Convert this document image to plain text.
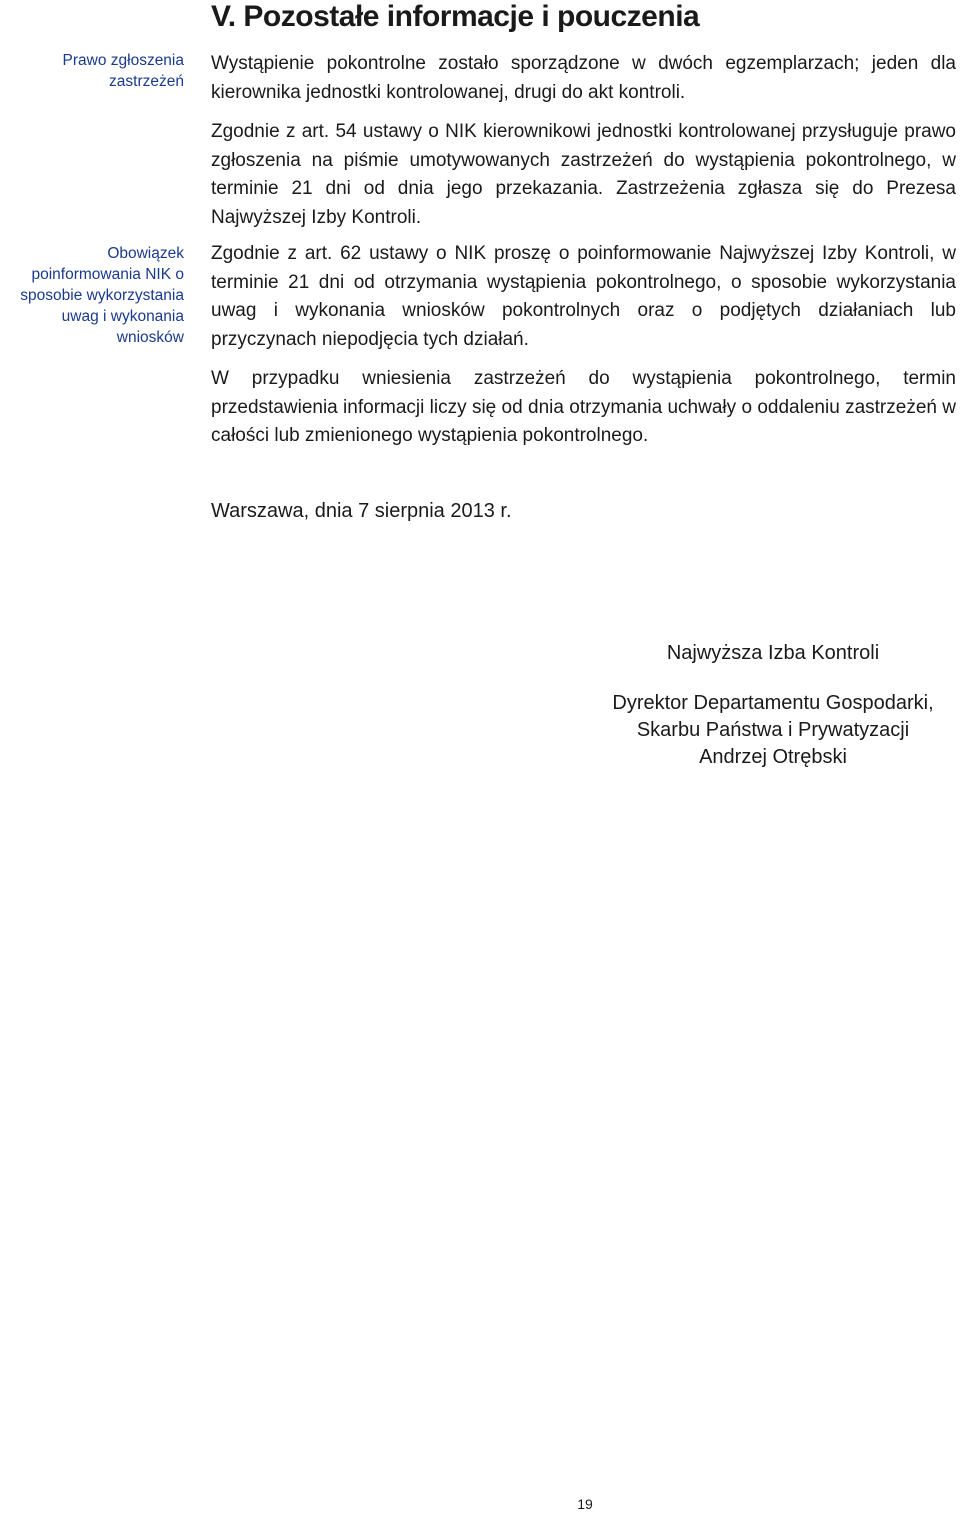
V. Pozostałe informacje i pouczenia
Prawo zgłoszenia zastrzeżeń
Obowiązek poinformowania NIK o sposobie wykorzystania uwag i wykonania wniosków

Wystąpienie pokontrolne zostało sporządzone w dwóch egzemplarzach; jeden dla kierownika jednostki kontrolowanej, drugi do akt kontroli.

Zgodnie z art. 54 ustawy o NIK kierownikowi jednostki kontrolowanej przysługuje prawo zgłoszenia na piśmie umotywowanych zastrzeżeń do wystąpienia pokontrolnego, w terminie 21 dni od dnia jego przekazania. Zastrzeżenia zgłasza się do Prezesa Najwyższej Izby Kontroli.

Zgodnie z art. 62 ustawy o NIK proszę o poinformowanie Najwyższej Izby Kontroli, w terminie 21 dni od otrzymania wystąpienia pokontrolnego, o sposobie wykorzystania uwag i wykonania wniosków pokontrolnych oraz o podjętych działaniach lub przyczynach niepodjęcia tych działań.

W przypadku wniesienia zastrzeżeń do wystąpienia pokontrolnego, termin przedstawienia informacji liczy się od dnia otrzymania uchwały o oddaleniu zastrzeżeń w całości lub zmienionego wystąpienia pokontrolnego.

Warszawa, dnia 7 sierpnia 2013 r.

Najwyższa Izba Kontroli

Dyrektor Departamentu Gospodarki,
Skarbu Państwa i Prywatyzacji
Andrzej Otrębski
19
